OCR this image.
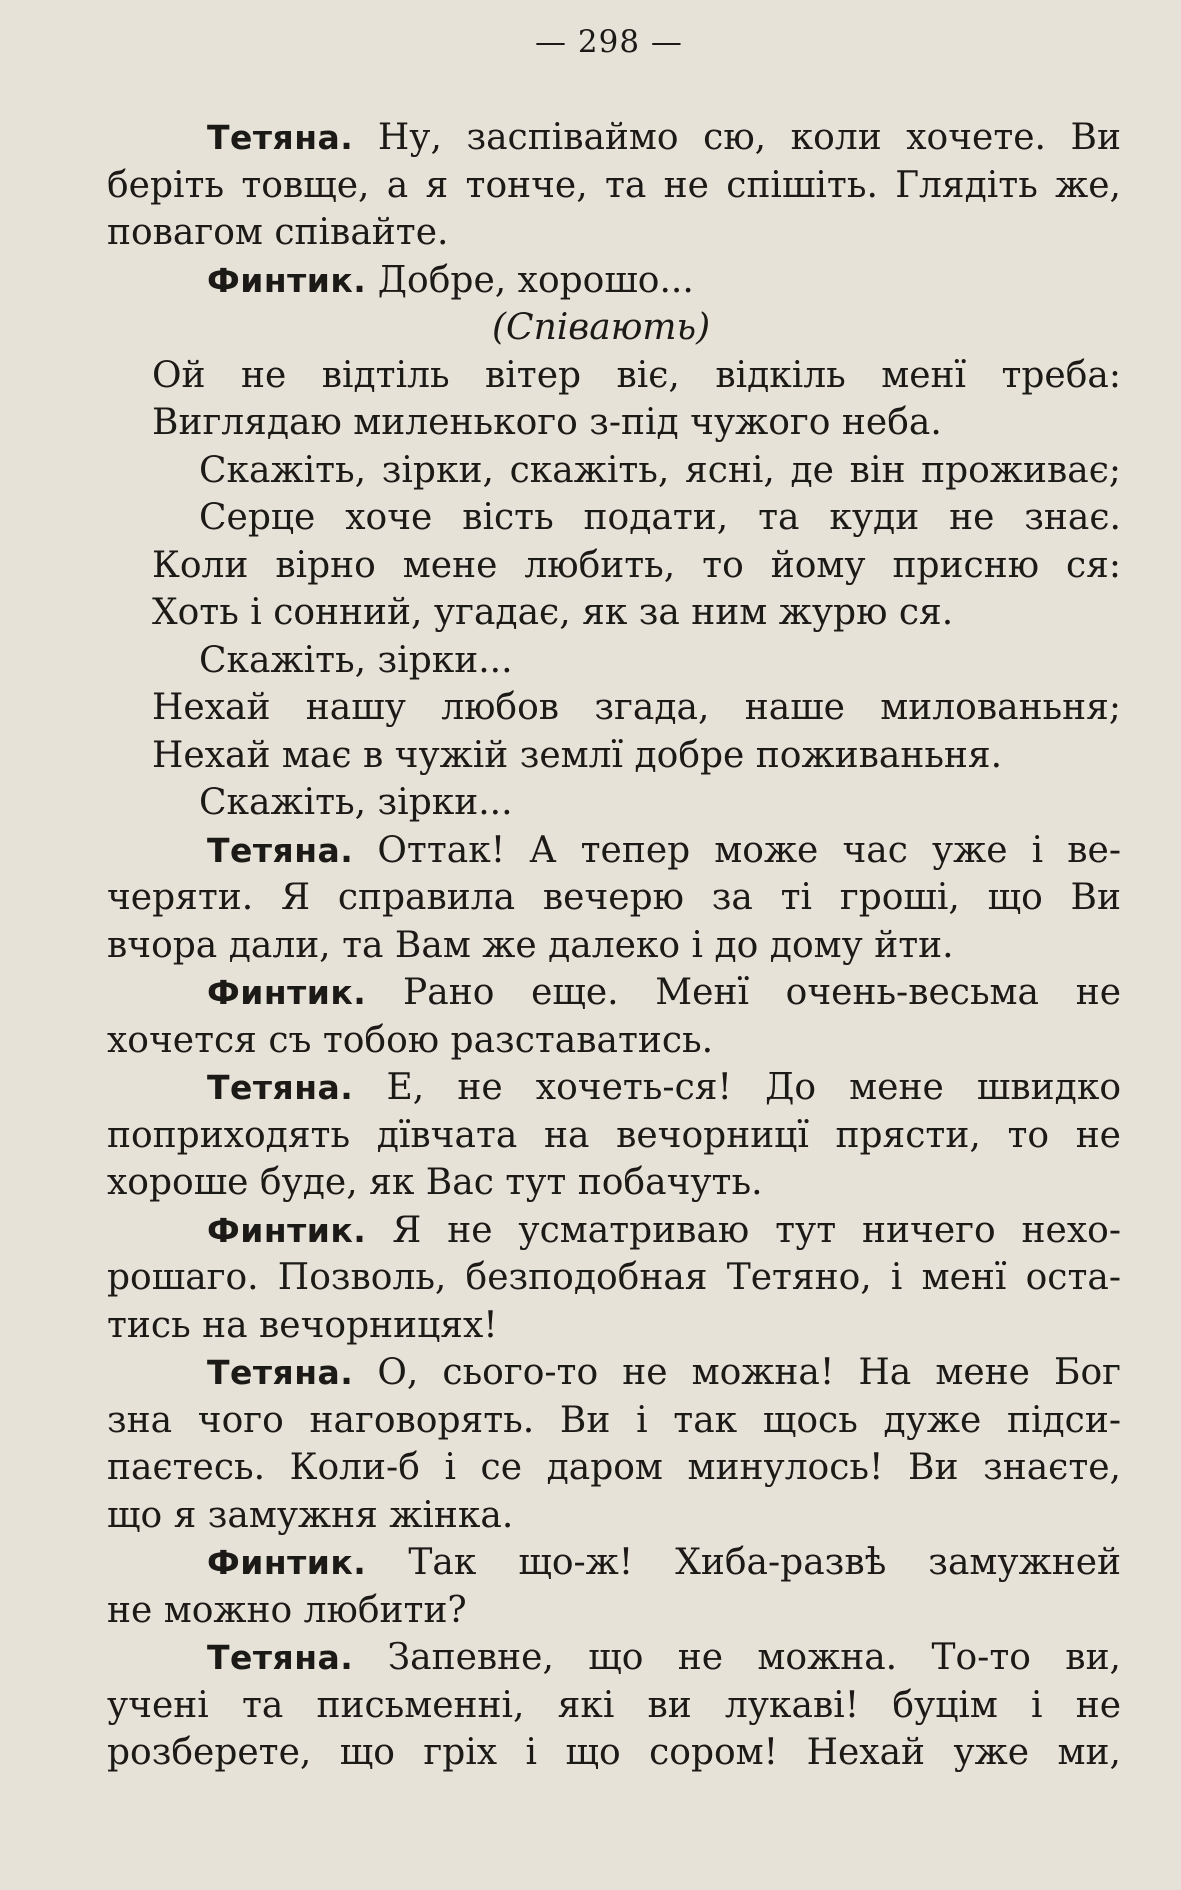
— 298 —
Тетяна. Ну, заспіваймо сю, коли хочете. Ви
беріть товще, а я тонче, та не спішіть. Глядіть же,
повагом співайте.
Финтик. Добре, хорошо...
(Співають)
Ой не відтіль вітер віє, відкіль менї треба:
Виглядаю миленького з-під чужого неба.
Скажіть, зірки, скажіть, ясні, де він проживає;
Серце хоче вість подати, та куди не знає.
Коли вірно мене любить, то йому присню ся:
Хоть і сонний, угадає, як за ним журю ся.
Скажіть, зірки...
Нехай нашу любов згада, наше милованьня;
Нехай має в чужій землї добре поживаньня.
Скажіть, зірки...
Тетяна. Оттак! А тепер може час уже і ве-
черяти. Я справила вечерю за ті гроші, що Ви
вчора дали, та Вам же далеко і до дому йти.
Финтик. Рано еще. Менї очень-весьма не
хочется съ тобою разставатись.
Тетяна. Е, не хочеть-ся! До мене швидко
поприходять дївчата на вечорницї прясти, то не
хороше буде, як Вас тут побачуть.
Финтик. Я не усматриваю тут ничего нехо-
рошаго. Позволь, безподобная Тетяно, і менї оста-
тись на вечорницях!
Тетяна. О, сього-то не можна! На мене Бог
зна чого наговорять. Ви і так щось дуже підси-
паєтесь. Коли-б і се даром минулось! Ви знаєте,
що я замужня жінка.
Финтик. Так що-ж! Хиба-развѣ замужней
не можно любити?
Тетяна. Запевне, що не можна. То-то ви,
учені та письменні, які ви лукаві! буцім і не
розберете, що гріх і що сором! Нехай уже ми,
